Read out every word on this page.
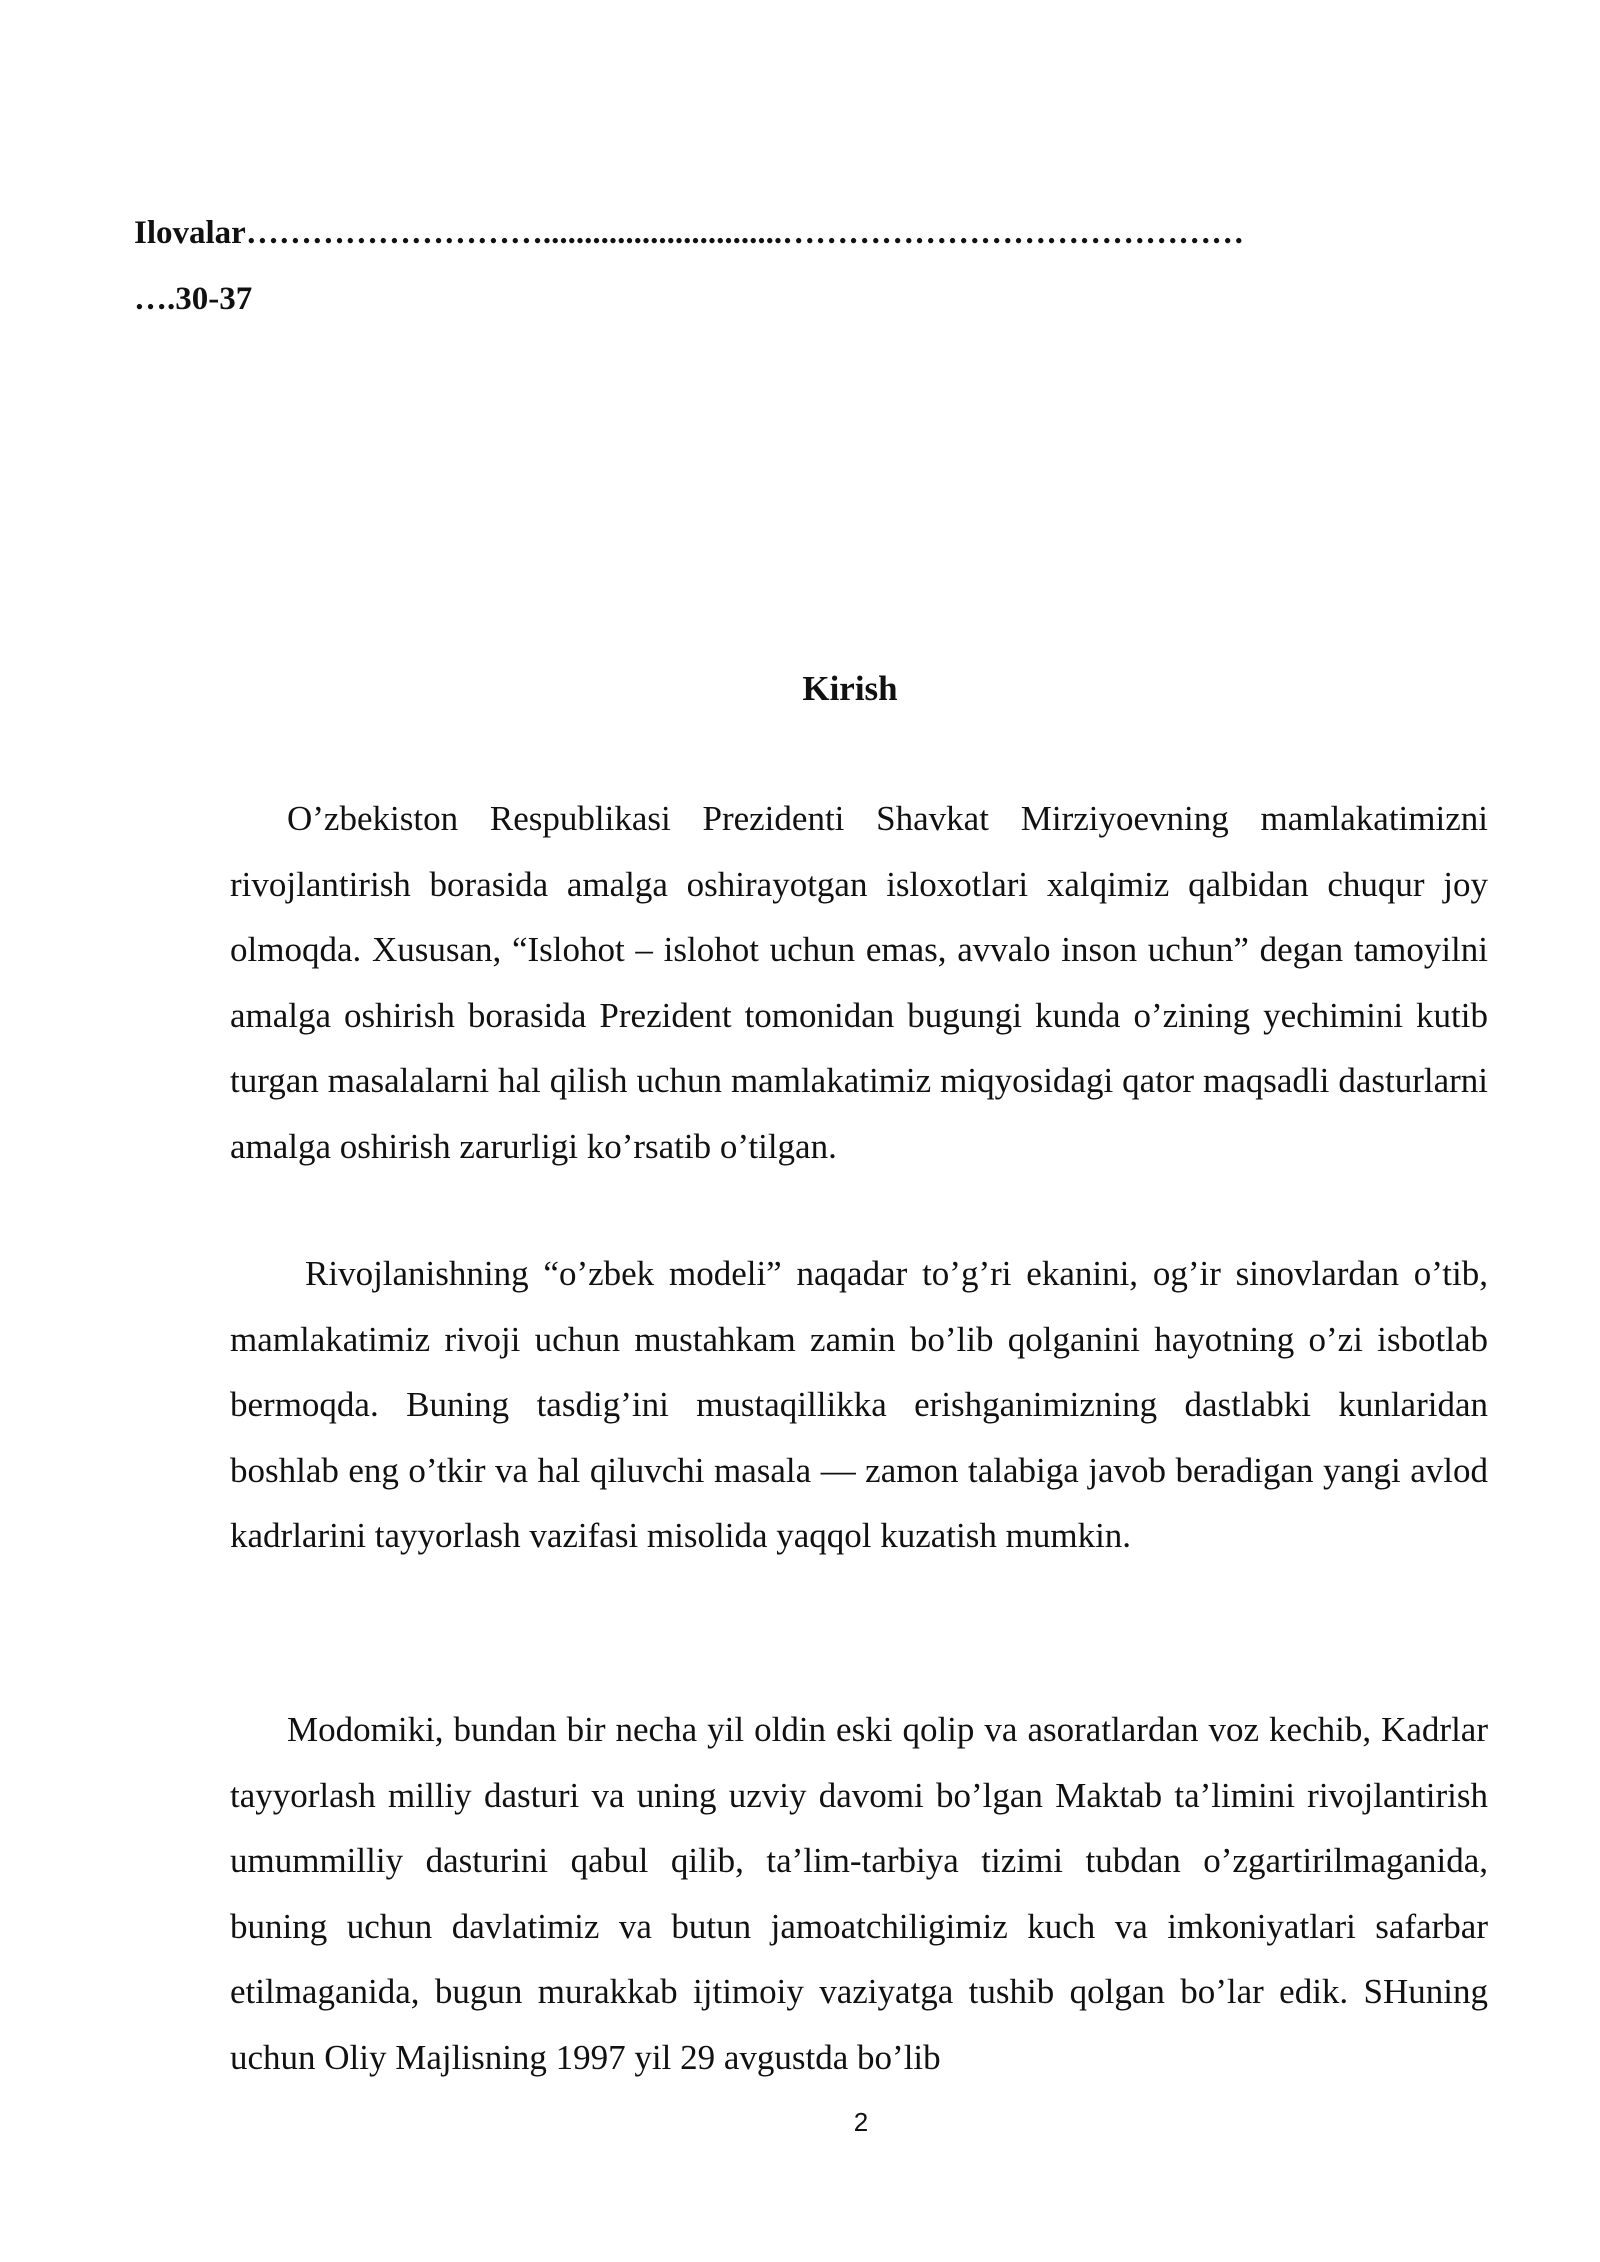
Ilovalar……………………….............................……………………………………
….30-37
Kirish

O’zbekiston Respublikasi Prezidenti Shavkat Mirziyoevning mamlakatimizni rivojlantirish borasida amalga oshirayotgan isloxotlari xalqimiz qalbidan chuqur joy olmoqda. Xususan, “Islohot – islohot uchun emas, avvalo inson uchun” degan tamoyilni amalga oshirish borasida Prezident tomonidan bugungi kunda o’zining yechimini kutib turgan masalalarni hal qilish uchun mamlakatimiz miqyosidagi qator maqsadli dasturlarni amalga oshirish zarurligi ko’rsatib o’tilgan.

Rivojlanishning “o’zbek modeli” naqadar to’g’ri ekanini, og’ir sinovlardan o’tib, mamlakatimiz rivoji uchun mustahkam zamin bo’lib qolganini hayotning o’zi isbotlab bermoqda. Buning tasdig’ini mustaqillikka erishganimizning dastlabki kunlaridan boshlab eng o’tkir va hal qiluvchi masala — zamon talabiga javob beradigan yangi avlod kadrlarini tayyorlash vazifasi misolida yaqqol kuzatish mumkin.

Modomiki, bundan bir necha yil oldin eski qolip va asoratlardan voz kechib, Kadrlar tayyorlash milliy dasturi va uning uzviy davomi bo’lgan Maktab ta’limini rivojlantirish umummilliy dasturini qabul qilib, ta’lim-tarbiya tizimi tubdan o’zgartirilmaganida, buning uchun davlatimiz va butun jamoatchiligimiz kuch va imkoniyatlari safarbar etilmaganida, bugun murakkab ijtimoiy vaziyatga tushib qolgan bo’lar edik. SHuning uchun Oliy Majlisning 1997 yil 29 avgustda bo’lib

2
